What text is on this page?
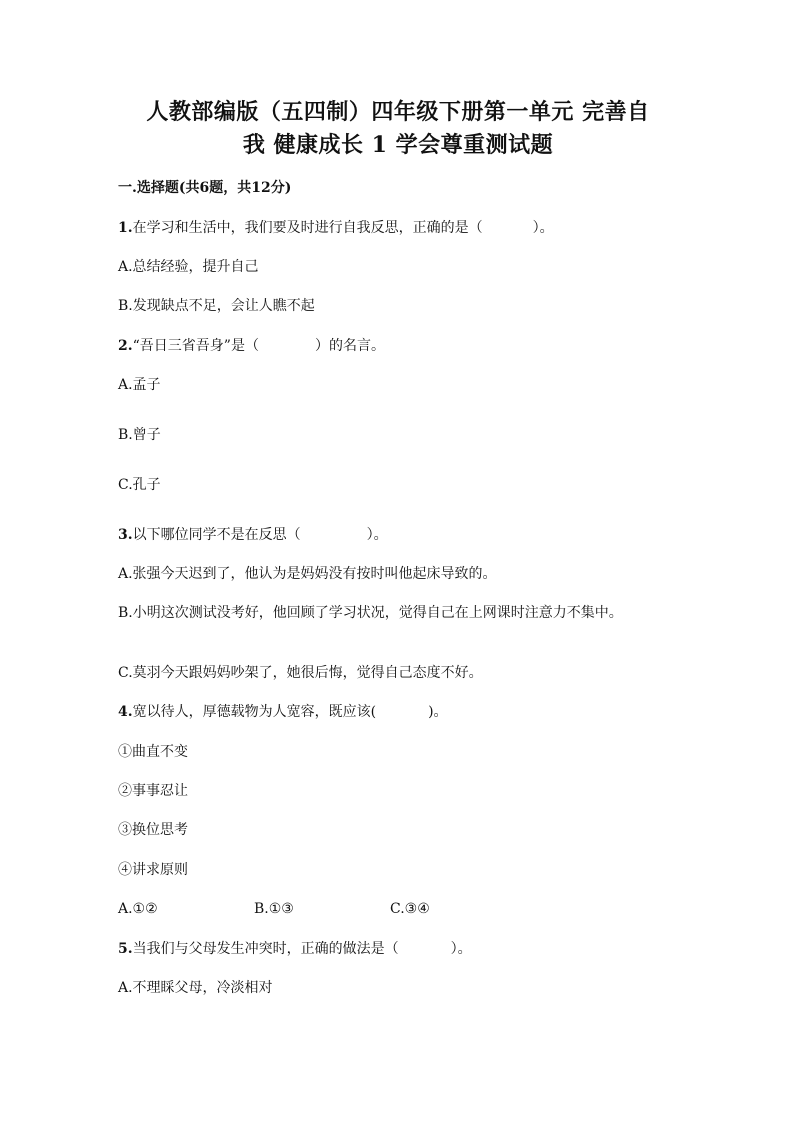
人教部编版（五四制）四年级下册第一单元 完善自
我 健康成长 1 学会尊重测试题
一.选择题(共6题，共12分)
1.在学习和生活中，我们要及时进行自我反思，正确的是（	）。
A.总结经验，提升自己
B.发现缺点不足，会让人瞧不起
2.“吾日三省吾身”是（	）的名言。
A.孟子
B.曾子
C.孔子
3.以下哪位同学不是在反思（	）。
A.张强今天迟到了，他认为是妈妈没有按时叫他起床导致的。
B.小明这次测试没考好，他回顾了学习状况，觉得自己在上网课时注意力不集中。
C.莫羽今天跟妈妈吵架了，她很后悔，觉得自己态度不好。
4.宽以待人，厚德载物为人宽容，既应该(	)。
①曲直不变
②事事忍让
③换位思考
④讲求原则
A.①②	B.①③	C.③④
5.当我们与父母发生冲突时，正确的做法是（	）。
A.不理睬父母，冷淡相对
